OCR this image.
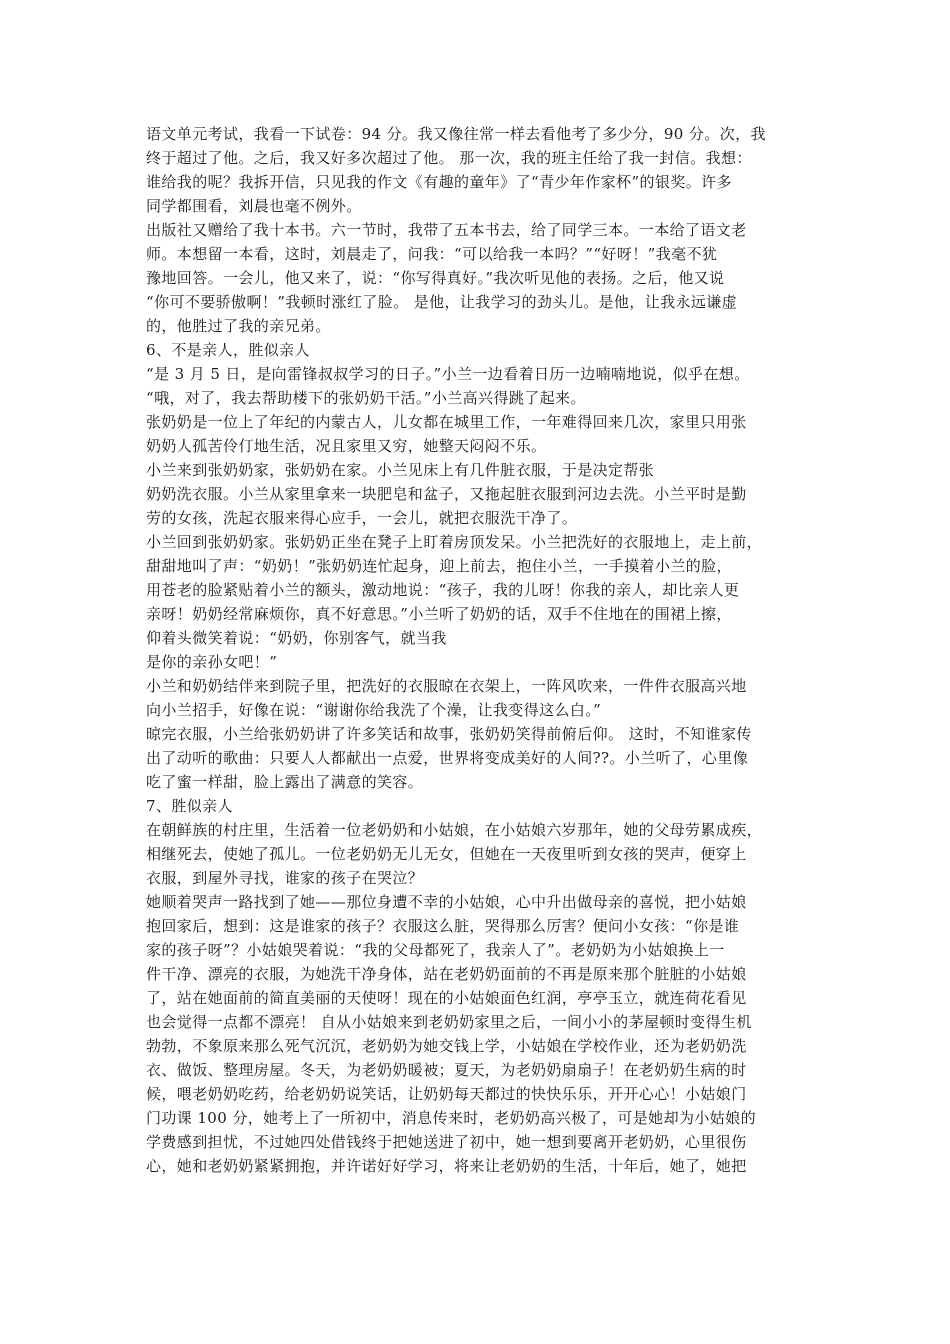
语文单元考试，我看一下试卷：94 分。我又像往常一样去看他考了多少分，90 分。次，我
终于超过了他。之后，我又好多次超过了他。 那一次，我的班主任给了我一封信。我想：
谁给我的呢？我拆开信，只见我的作文《有趣的童年》了“青少年作家杯”的银奖。许多
同学都围看，刘晨也毫不例外。
出版社又赠给了我十本书。六一节时，我带了五本书去，给了同学三本。一本给了语文老
师。本想留一本看，这时，刘晨走了，问我：“可以给我一本吗？”“好呀！”我毫不犹
豫地回答。一会儿，他又来了，说：“你写得真好。”我次听见他的表扬。之后，他又说
“你可不要骄傲啊！”我顿时涨红了脸。 是他，让我学习的劲头儿。是他，让我永远谦虚
的，他胜过了我的亲兄弟。
6、不是亲人，胜似亲人
“是 3 月 5 日，是向雷锋叔叔学习的日子。”小兰一边看着日历一边喃喃地说，似乎在想。
“哦，对了，我去帮助楼下的张奶奶干活。”小兰高兴得跳了起来。
张奶奶是一位上了年纪的内蒙古人，儿女都在城里工作，一年难得回来几次，家里只用张
奶奶人孤苦伶仃地生活，况且家里又穷，她整天闷闷不乐。
小兰来到张奶奶家，张奶奶在家。小兰见床上有几件脏衣服，于是决定帮张
奶奶洗衣服。小兰从家里拿来一块肥皂和盆子，又拖起脏衣服到河边去洗。小兰平时是勤
劳的女孩，洗起衣服来得心应手，一会儿，就把衣服洗干净了。
小兰回到张奶奶家。张奶奶正坐在凳子上盯着房顶发呆。小兰把洗好的衣服地上，走上前，
甜甜地叫了声：“奶奶！”张奶奶连忙起身，迎上前去，抱住小兰，一手摸着小兰的脸，
用苍老的脸紧贴着小兰的额头，激动地说：“孩子，我的儿呀！你我的亲人，却比亲人更
亲呀！奶奶经常麻烦你，真不好意思。”小兰听了奶奶的话，双手不住地在的围裙上擦，
仰着头微笑着说：“奶奶，你别客气，就当我
是你的亲孙女吧！”
小兰和奶奶结伴来到院子里，把洗好的衣服晾在衣架上，一阵风吹来，一件件衣服高兴地
向小兰招手，好像在说：“谢谢你给我洗了个澡，让我变得这么白。”
晾完衣服，小兰给张奶奶讲了许多笑话和故事，张奶奶笑得前俯后仰。 这时，不知谁家传
出了动听的歌曲：只要人人都献出一点爱，世界将变成美好的人间??。小兰听了，心里像
吃了蜜一样甜，脸上露出了满意的笑容。
7、胜似亲人
在朝鲜族的村庄里，生活着一位老奶奶和小姑娘，在小姑娘六岁那年，她的父母劳累成疾，
相继死去，使她了孤儿。一位老奶奶无儿无女，但她在一天夜里听到女孩的哭声，便穿上
衣服，到屋外寻找，谁家的孩子在哭泣？
她顺着哭声一路找到了她——那位身遭不幸的小姑娘，心中升出做母亲的喜悦，把小姑娘
抱回家后，想到：这是谁家的孩子？衣服这么脏，哭得那么厉害？便问小女孩：“你是谁
家的孩子呀”？小姑娘哭着说：“我的父母都死了，我亲人了”。老奶奶为小姑娘换上一
件干净、漂亮的衣服，为她洗干净身体，站在老奶奶面前的不再是原来那个脏脏的小姑娘
了，站在她面前的简直美丽的天使呀！现在的小姑娘面色红润，亭亭玉立，就连荷花看见
也会觉得一点都不漂亮！ 自从小姑娘来到老奶奶家里之后，一间小小的茅屋顿时变得生机
勃勃，不象原来那么死气沉沉，老奶奶为她交钱上学，小姑娘在学校作业，还为老奶奶洗
衣、做饭、整理房屋。冬天，为老奶奶暖被；夏天，为老奶奶扇扇子！在老奶奶生病的时
候，喂老奶奶吃药，给老奶奶说笑话，让奶奶每天都过的快快乐乐，开开心心！小姑娘门
门功课 100 分，她考上了一所初中，消息传来时，老奶奶高兴极了，可是她却为小姑娘的
学费感到担忧，不过她四处借钱终于把她送进了初中，她一想到要离开老奶奶，心里很伤
心，她和老奶奶紧紧拥抱，并许诺好好学习，将来让老奶奶的生活，十年后，她了，她把
